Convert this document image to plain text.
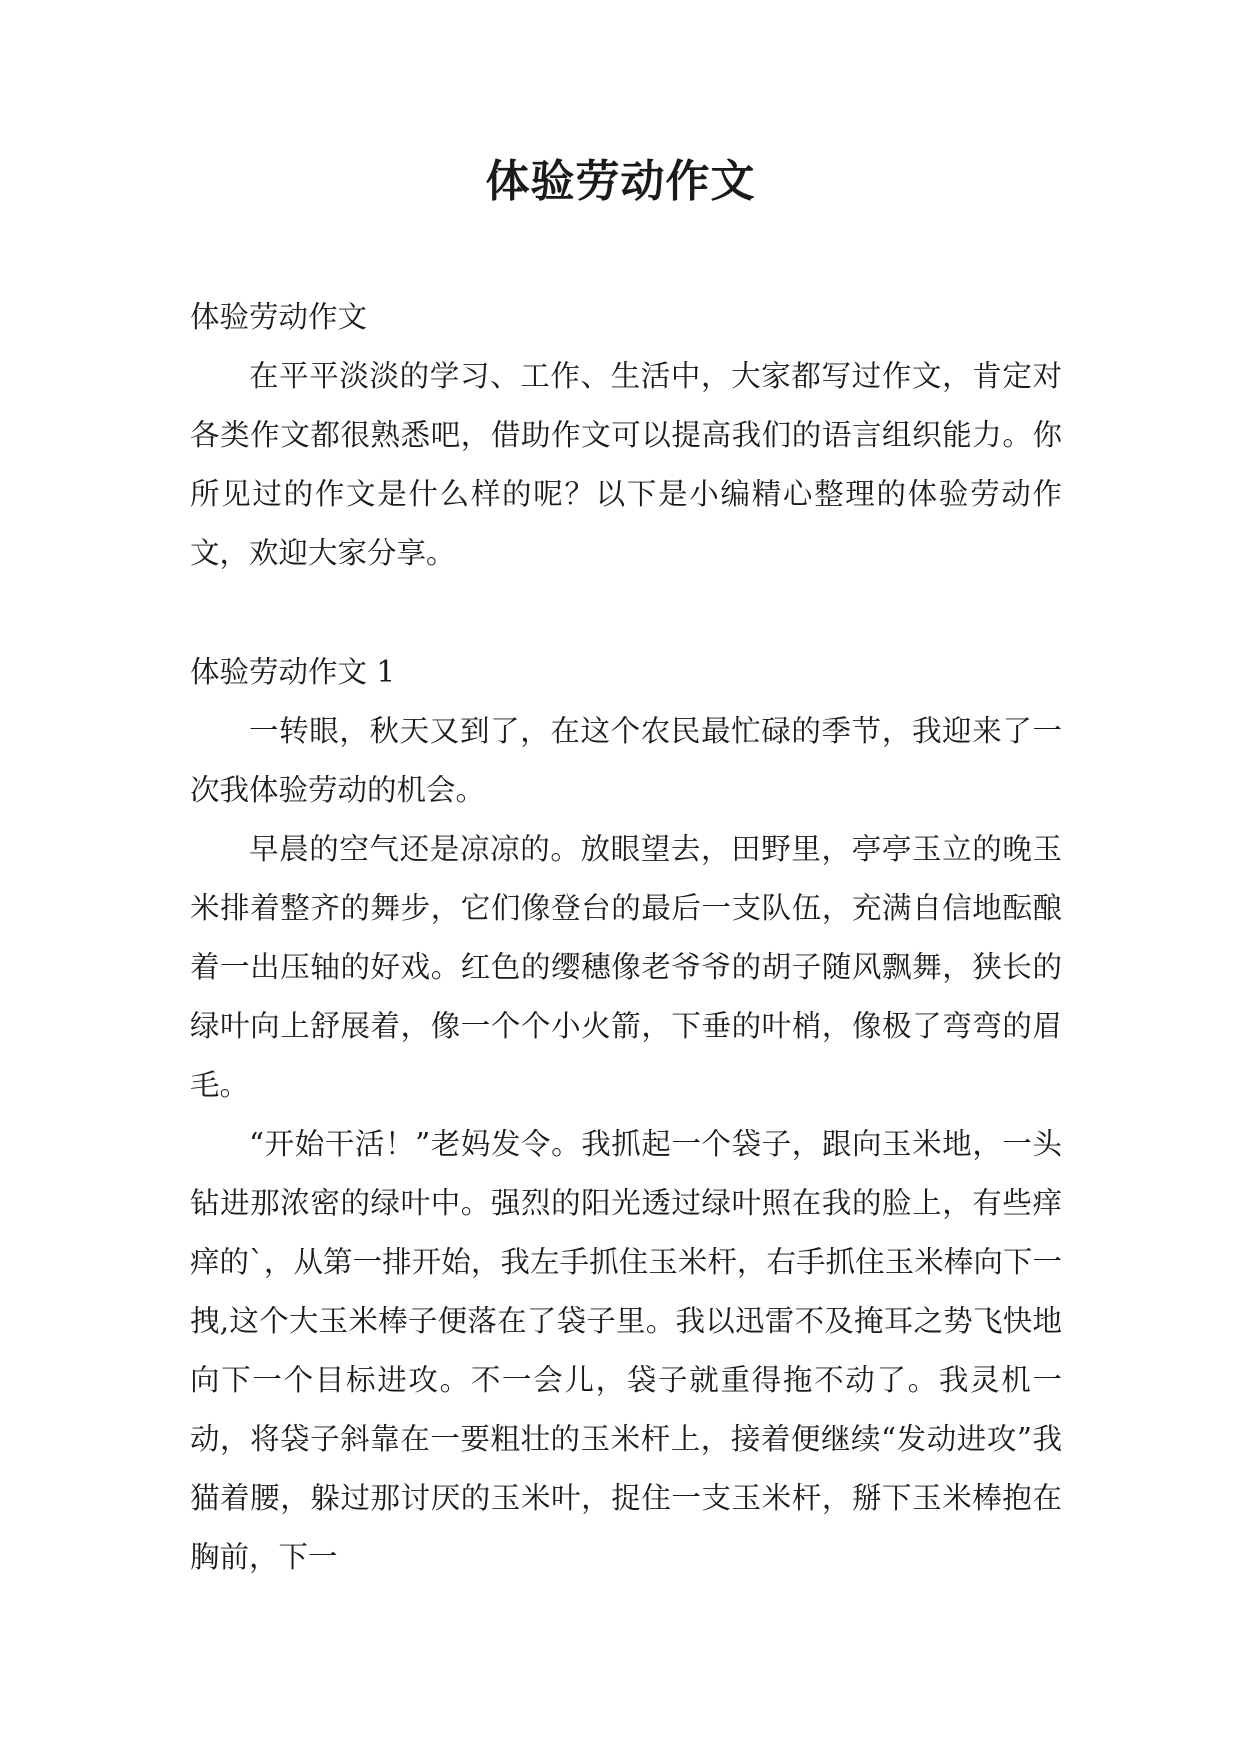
体验劳动作文

体验劳动作文

在平平淡淡的学习、工作、生活中，大家都写过作文，肯定对各类作文都很熟悉吧，借助作文可以提高我们的语言组织能力。你所见过的作文是什么样的呢？以下是小编精心整理的体验劳动作文，欢迎大家分享。

体验劳动作文 1

一转眼，秋天又到了，在这个农民最忙碌的季节，我迎来了一次我体验劳动的机会。

早晨的空气还是凉凉的。放眼望去，田野里，亭亭玉立的晚玉米排着整齐的舞步，它们像登台的最后一支队伍，充满自信地酝酿着一出压轴的好戏。红色的缨穗像老爷爷的胡子随风飘舞，狭长的绿叶向上舒展着，像一个个小火箭，下垂的叶梢，像极了弯弯的眉毛。

“开始干活！”老妈发令。我抓起一个袋子，跟向玉米地，一头钻进那浓密的绿叶中。强烈的阳光透过绿叶照在我的脸上，有些痒痒的`，从第一排开始，我左手抓住玉米杆，右手抓住玉米棒向下一拽,这个大玉米棒子便落在了袋子里。我以迅雷不及掩耳之势飞快地向下一个目标进攻。不一会儿，袋子就重得拖不动了。我灵机一动，将袋子斜靠在一要粗壮的玉米杆上，接着便继续“发动进攻”我猫着腰，躲过那讨厌的玉米叶，捉住一支玉米杆，掰下玉米棒抱在胸前，下一
